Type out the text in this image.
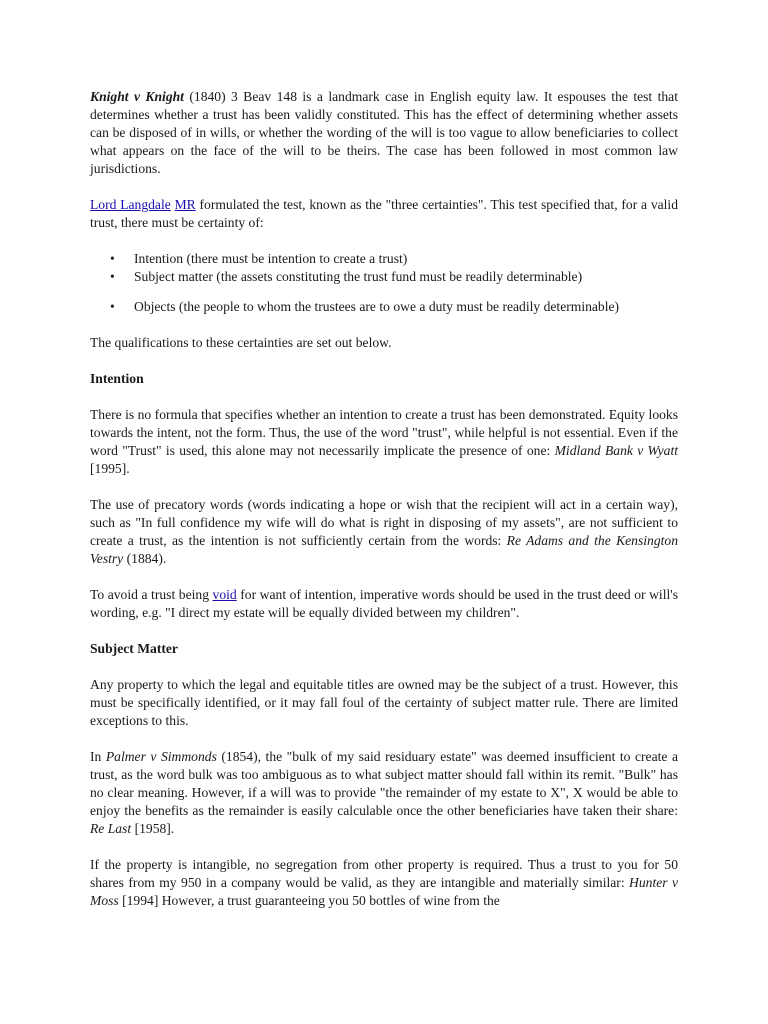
Knight v Knight (1840) 3 Beav 148 is a landmark case in English equity law. It espouses the test that determines whether a trust has been validly constituted. This has the effect of determining whether assets can be disposed of in wills, or whether the wording of the will is too vague to allow beneficiaries to collect what appears on the face of the will to be theirs. The case has been followed in most common law jurisdictions.

Lord Langdale MR formulated the test, known as the "three certainties". This test specified that, for a valid trust, there must be certainty of:

• Intention (there must be intention to create a trust)
• Subject matter (the assets constituting the trust fund must be readily determinable)
• Objects (the people to whom the trustees are to owe a duty must be readily determinable)

The qualifications to these certainties are set out below.

Intention

There is no formula that specifies whether an intention to create a trust has been demonstrated. Equity looks towards the intent, not the form. Thus, the use of the word "trust", while helpful is not essential. Even if the word "Trust" is used, this alone may not necessarily implicate the presence of one: Midland Bank v Wyatt [1995].

The use of precatory words (words indicating a hope or wish that the recipient will act in a certain way), such as "In full confidence my wife will do what is right in disposing of my assets", are not sufficient to create a trust, as the intention is not sufficiently certain from the words: Re Adams and the Kensington Vestry (1884).

To avoid a trust being void for want of intention, imperative words should be used in the trust deed or will's wording, e.g. "I direct my estate will be equally divided between my children".

Subject Matter

Any property to which the legal and equitable titles are owned may be the subject of a trust. However, this must be specifically identified, or it may fall foul of the certainty of subject matter rule. There are limited exceptions to this.

In Palmer v Simmonds (1854), the "bulk of my said residuary estate" was deemed insufficient to create a trust, as the word bulk was too ambiguous as to what subject matter should fall within its remit. "Bulk" has no clear meaning. However, if a will was to provide "the remainder of my estate to X", X would be able to enjoy the benefits as the remainder is easily calculable once the other beneficiaries have taken their share: Re Last [1958].

If the property is intangible, no segregation from other property is required. Thus a trust to you for 50 shares from my 950 in a company would be valid, as they are intangible and materially similar: Hunter v Moss [1994] However, a trust guaranteeing you 50 bottles of wine from the
